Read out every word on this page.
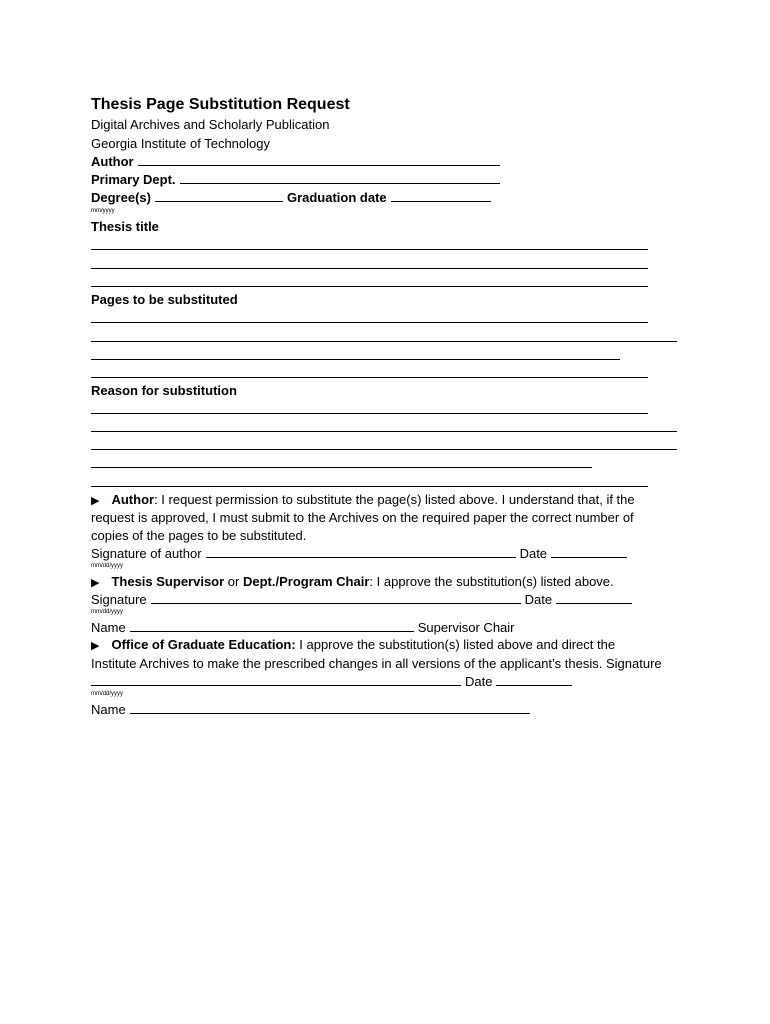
Thesis Page Substitution Request
Digital Archives and Scholarly Publication
Georgia Institute of Technology
Author
Primary Dept.
Degree(s)	Graduation date
mm/yyyy
Thesis title
Pages to be substituted
Reason for substitution
▶ Author: I request permission to substitute the page(s) listed above. I understand that, if the
request is approved, I must submit to the Archives on the required paper the correct number of
copies of the pages to be substituted.
Signature of author	Date
mm/dd/yyyy
▶ Thesis Supervisor or Dept./Program Chair: I approve the substitution(s) listed above.
Signature	Date
mm/dd/yyyy
Name	Supervisor Chair
▶ Office of Graduate Education: I approve the substitution(s) listed above and direct the
Institute Archives to make the prescribed changes in all versions of the applicant’s thesis. Signature
Date
mm/dd/yyyy
Name
